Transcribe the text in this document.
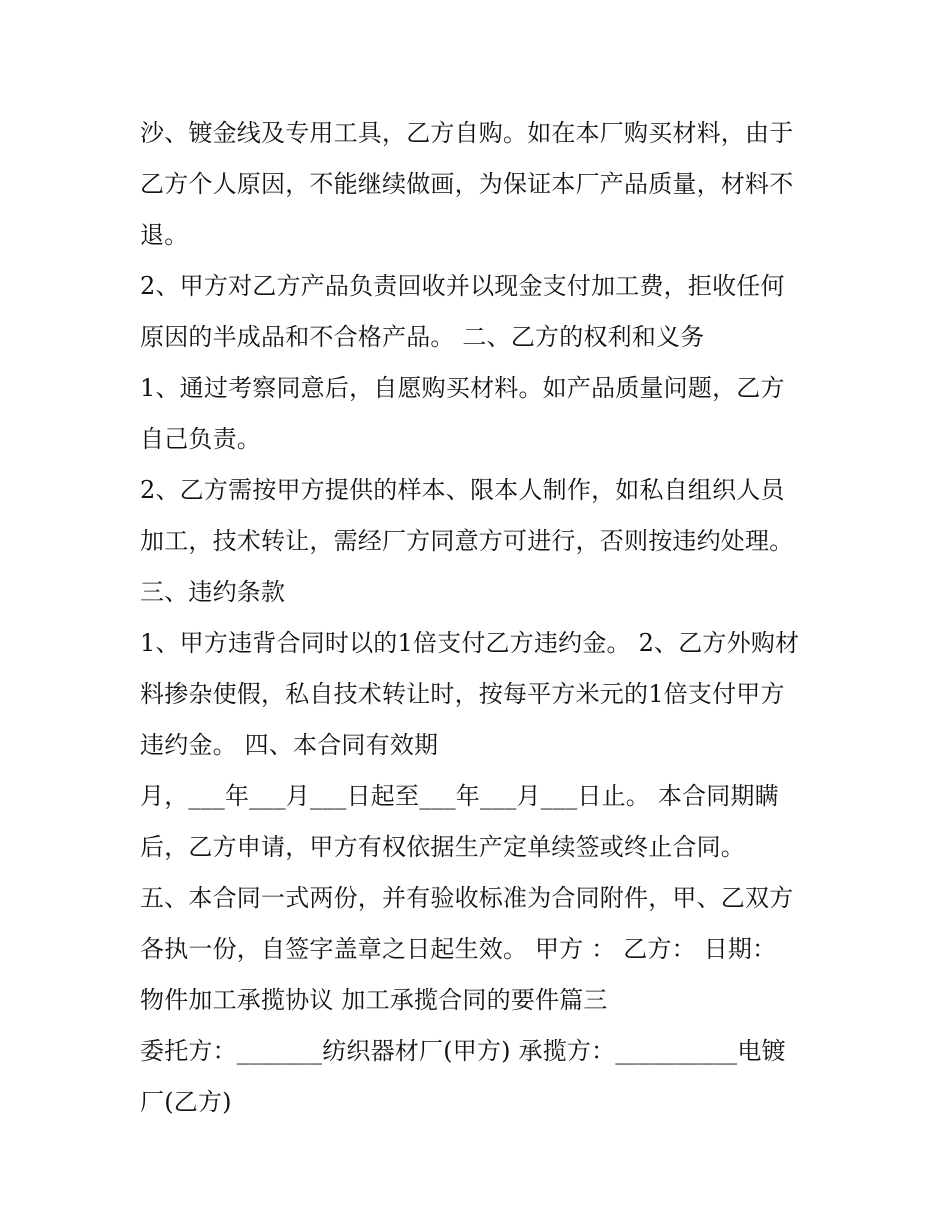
沙、镀金线及专用工具，乙方自购。如在本厂购买材料，由于
乙方个人原因，不能继续做画，为保证本厂产品质量，材料不
退。
2、甲方对乙方产品负责回收并以现金支付加工费，拒收任何
原因的半成品和不合格产品。 二、乙方的权利和义务
1、通过考察同意后，自愿购买材料。如产品质量问题，乙方
自己负责。
2、乙方需按甲方提供的样本、限本人制作，如私自组织人员
加工，技术转让，需经厂方同意方可进行，否则按违约处理。
三、违约条款
1、甲方违背合同时以的1倍支付乙方违约金。 2、乙方外购材
料掺杂使假，私自技术转让时，按每平方米元的1倍支付甲方
违约金。 四、本合同有效期
月，___年___月___日起至___年___月___日止。 本合同期瞒
后，乙方申请，甲方有权依据生产定单续签或终止合同。
五、本合同一式两份，并有验收标准为合同附件，甲、乙双方
各执一份，自签字盖章之日起生效。 甲方 ： 乙方： 日期：
物件加工承揽协议 加工承揽合同的要件篇三
委托方：_______纺织器材厂(甲方) 承揽方：__________电镀
厂(乙方)
